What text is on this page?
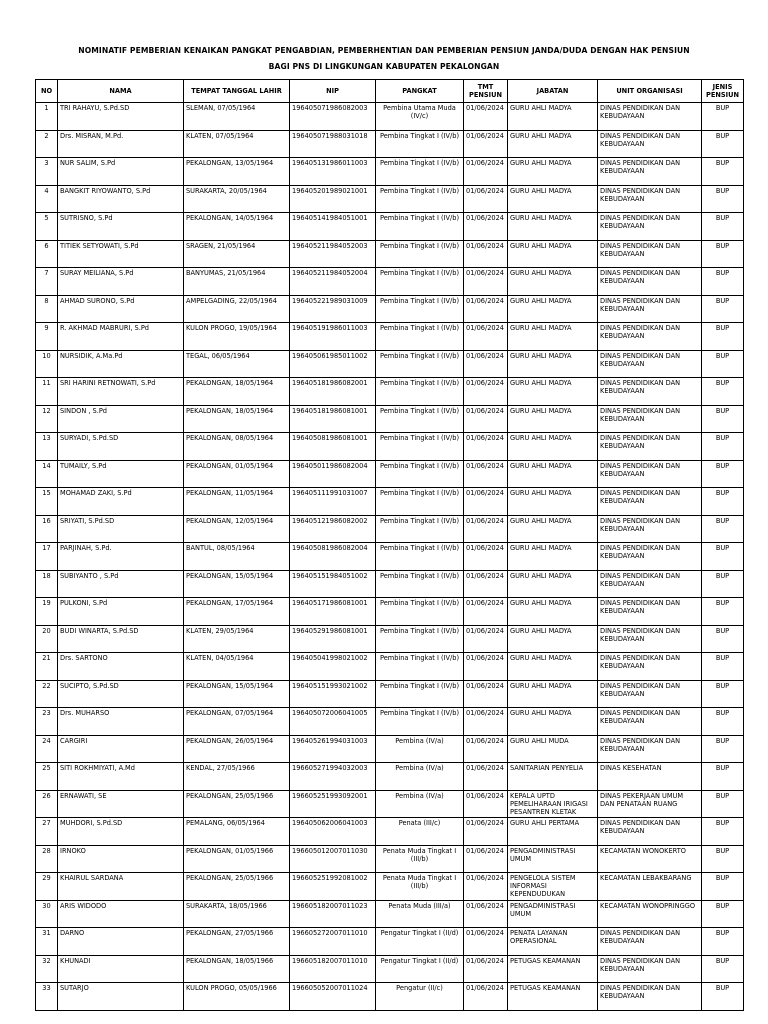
NOMINATIF PEMBERIAN KENAIKAN PANGKAT PENGABDIAN, PEMBERHENTIAN DAN PEMBERIAN PENSIUN JANDA/DUDA DENGAN HAK PENSIUN
BAGI PNS DI LINGKUNGAN KABUPATEN PEKALONGAN
NO	NAMA	TEMPAT TANGGAL LAHIR	NIP	PANGKAT	TMT PENSIUN	JABATAN	UNIT ORGANISASI	JENIS PENSIUN
1	TRI RAHAYU, S.Pd.SD	SLEMAN, 07/05/1964	196405071986082003	Pembina Utama Muda (IV/c)	01/06/2024	GURU AHLI MADYA	DINAS PENDIDIKAN DAN KEBUDAYAAN	BUP
2	Drs. MISRAN, M.Pd.	KLATEN, 07/05/1964	196405071988031018	Pembina Tingkat I (IV/b)	01/06/2024	GURU AHLI MADYA	DINAS PENDIDIKAN DAN KEBUDAYAAN	BUP
3	NUR SALIM, S.Pd	PEKALONGAN, 13/05/1964	196405131986011003	Pembina Tingkat I (IV/b)	01/06/2024	GURU AHLI MADYA	DINAS PENDIDIKAN DAN KEBUDAYAAN	BUP
4	BANGKIT RIYOWANTO, S.Pd	SURAKARTA, 20/05/1964	196405201989021001	Pembina Tingkat I (IV/b)	01/06/2024	GURU AHLI MADYA	DINAS PENDIDIKAN DAN KEBUDAYAAN	BUP
5	SUTRISNO, S.Pd	PEKALONGAN, 14/05/1964	196405141984051001	Pembina Tingkat I (IV/b)	01/06/2024	GURU AHLI MADYA	DINAS PENDIDIKAN DAN KEBUDAYAAN	BUP
6	TITIEK SETYOWATI, S.Pd	SRAGEN, 21/05/1964	196405211984052003	Pembina Tingkat I (IV/b)	01/06/2024	GURU AHLI MADYA	DINAS PENDIDIKAN DAN KEBUDAYAAN	BUP
7	SURAY MEILIANA, S.Pd	BANYUMAS, 21/05/1964	196405211984052004	Pembina Tingkat I (IV/b)	01/06/2024	GURU AHLI MADYA	DINAS PENDIDIKAN DAN KEBUDAYAAN	BUP
8	AHMAD SURONO, S.Pd	AMPELGADING, 22/05/1964	196405221989031009	Pembina Tingkat I (IV/b)	01/06/2024	GURU AHLI MADYA	DINAS PENDIDIKAN DAN KEBUDAYAAN	BUP
9	R. AKHMAD MABRURI, S.Pd	KULON PROGO, 19/05/1964	196405191986011003	Pembina Tingkat I (IV/b)	01/06/2024	GURU AHLI MADYA	DINAS PENDIDIKAN DAN KEBUDAYAAN	BUP
10	NURSIDIK, A.Ma.Pd	TEGAL, 06/05/1964	196405061985011002	Pembina Tingkat I (IV/b)	01/06/2024	GURU AHLI MADYA	DINAS PENDIDIKAN DAN KEBUDAYAAN	BUP
11	SRI HARINI RETNOWATI, S.Pd	PEKALONGAN, 18/05/1964	196405181986082001	Pembina Tingkat I (IV/b)	01/06/2024	GURU AHLI MADYA	DINAS PENDIDIKAN DAN KEBUDAYAAN	BUP
12	SINDON , S.Pd	PEKALONGAN, 18/05/1964	196405181986081001	Pembina Tingkat I (IV/b)	01/06/2024	GURU AHLI MADYA	DINAS PENDIDIKAN DAN KEBUDAYAAN	BUP
13	SURYADI, S.Pd.SD	PEKALONGAN, 08/05/1964	196405081986081001	Pembina Tingkat I (IV/b)	01/06/2024	GURU AHLI MADYA	DINAS PENDIDIKAN DAN KEBUDAYAAN	BUP
14	TUMAILY, S.Pd	PEKALONGAN, 01/05/1964	196405011986082004	Pembina Tingkat I (IV/b)	01/06/2024	GURU AHLI MADYA	DINAS PENDIDIKAN DAN KEBUDAYAAN	BUP
15	MOHAMAD ZAKI, S.Pd	PEKALONGAN, 11/05/1964	196405111991031007	Pembina Tingkat I (IV/b)	01/06/2024	GURU AHLI MADYA	DINAS PENDIDIKAN DAN KEBUDAYAAN	BUP
16	SRIYATI, S.Pd.SD	PEKALONGAN, 12/05/1964	196405121986082002	Pembina Tingkat I (IV/b)	01/06/2024	GURU AHLI MADYA	DINAS PENDIDIKAN DAN KEBUDAYAAN	BUP
17	PARJINAH, S.Pd.	BANTUL, 08/05/1964	196405081986082004	Pembina Tingkat I (IV/b)	01/06/2024	GURU AHLI MADYA	DINAS PENDIDIKAN DAN KEBUDAYAAN	BUP
18	SUBIYANTO , S.Pd	PEKALONGAN, 15/05/1964	196405151984051002	Pembina Tingkat I (IV/b)	01/06/2024	GURU AHLI MADYA	DINAS PENDIDIKAN DAN KEBUDAYAAN	BUP
19	PULKONI, S.Pd	PEKALONGAN, 17/05/1964	196405171986081001	Pembina Tingkat I (IV/b)	01/06/2024	GURU AHLI MADYA	DINAS PENDIDIKAN DAN KEBUDAYAAN	BUP
20	BUDI WINARTA, S.Pd.SD	KLATEN, 29/05/1964	196405291986081001	Pembina Tingkat I (IV/b)	01/06/2024	GURU AHLI MADYA	DINAS PENDIDIKAN DAN KEBUDAYAAN	BUP
21	Drs. SARTONO	KLATEN, 04/05/1964	196405041998021002	Pembina Tingkat I (IV/b)	01/06/2024	GURU AHLI MADYA	DINAS PENDIDIKAN DAN KEBUDAYAAN	BUP
22	SUCIPTO, S.Pd.SD	PEKALONGAN, 15/05/1964	196405151993021002	Pembina Tingkat I (IV/b)	01/06/2024	GURU AHLI MADYA	DINAS PENDIDIKAN DAN KEBUDAYAAN	BUP
23	Drs. MUHARSO	PEKALONGAN, 07/05/1964	196405072006041005	Pembina Tingkat I (IV/b)	01/06/2024	GURU AHLI MADYA	DINAS PENDIDIKAN DAN KEBUDAYAAN	BUP
24	CARGIRI	PEKALONGAN, 26/05/1964	196405261994031003	Pembina (IV/a)	01/06/2024	GURU AHLI MUDA	DINAS PENDIDIKAN DAN KEBUDAYAAN	BUP
25	SITI ROKHMIYATI, A.Md	KENDAL, 27/05/1966	196605271994032003	Pembina (IV/a)	01/06/2024	SANITARIAN PENYELIA	DINAS KESEHATAN	BUP
26	ERNAWATI, SE	PEKALONGAN, 25/05/1966	196605251993092001	Pembina (IV/a)	01/06/2024	KEPALA UPTD PEMELIHARAAN IRIGASI PESANTREN KLETAK	DINAS PEKERJAAN UMUM DAN PENATAAN RUANG	BUP
27	MUHDORI, S.Pd.SD	PEMALANG, 06/05/1964	196405062006041003	Penata (III/c)	01/06/2024	GURU AHLI PERTAMA	DINAS PENDIDIKAN DAN KEBUDAYAAN	BUP
28	IRNOKO	PEKALONGAN, 01/05/1966	196605012007011030	Penata Muda Tingkat I (III/b)	01/06/2024	PENGADMINISTRASI UMUM	KECAMATAN WONOKERTO	BUP
29	KHAIRUL SARDANA	PEKALONGAN, 25/05/1966	196605251992081002	Penata Muda Tingkat I (III/b)	01/06/2024	PENGELOLA SISTEM INFORMASI KEPENDUDUKAN	KECAMATAN LEBAKBARANG	BUP
30	ARIS WIDODO	SURAKARTA, 18/05/1966	196605182007011023	Penata Muda (III/a)	01/06/2024	PENGADMINISTRASI UMUM	KECAMATAN WONOPRINGGO	BUP
31	DARNO	PEKALONGAN, 27/05/1966	196605272007011010	Pengatur Tingkat I (II/d)	01/06/2024	PENATA LAYANAN OPERASIONAL	DINAS PENDIDIKAN DAN KEBUDAYAAN	BUP
32	KHUNADI	PEKALONGAN, 18/05/1966	196605182007011010	Pengatur Tingkat I (II/d)	01/06/2024	PETUGAS KEAMANAN	DINAS PENDIDIKAN DAN KEBUDAYAAN	BUP
33	SUTARJO	KULON PROGO, 05/05/1966	196605052007011024	Pengatur (II/c)	01/06/2024	PETUGAS KEAMANAN	DINAS PENDIDIKAN DAN KEBUDAYAAN	BUP
